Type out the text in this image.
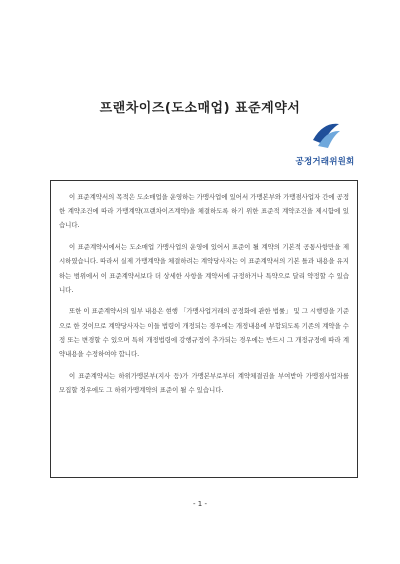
프랜차이즈(도소매업) 표준계약서
공정거래위원회

이 표준계약서의 목적은 도소매업을 운영하는 가맹사업에 있어서 가맹본부와 가맹점사업자 간에 공정한 계약조건에 따라 가맹계약(프랜차이즈계약)을 체결하도록 하기 위한 표준적 계약조건을 제시함에 있습니다.

이 표준계약서에서는 도소매업 가맹사업의 운영에 있어서 표준이 될 계약의 기본적 공통사항만을 제시하였습니다. 따라서 실제 가맹계약을 체결하려는 계약당사자는 이 표준계약서의 기본 틀과 내용을 유지하는 범위에서 이 표준계약서보다 더 상세한 사항을 계약서에 규정하거나 특약으로 달리 약정할 수 있습니다.

또한 이 표준계약서의 일부 내용은 현행 「가맹사업거래의 공정화에 관한 법률」 및 그 시행령을 기준으로 한 것이므로 계약당사자는 이들 법령이 개정되는 경우에는 개정내용에 부합되도록 기존의 계약을 수정 또는 변경할 수 있으며 특히 개정법령에 강행규정이 추가되는 경우에는 반드시 그 개정규정에 따라 계약내용을 수정하여야 합니다.

이 표준계약서는 하위가맹본부(지사 등)가 가맹본부로부터 계약체결권을 부여받아 가맹점사업자를 모집할 경우에도 그 하위가맹계약의 표준이 될 수 있습니다.

- 1 -
